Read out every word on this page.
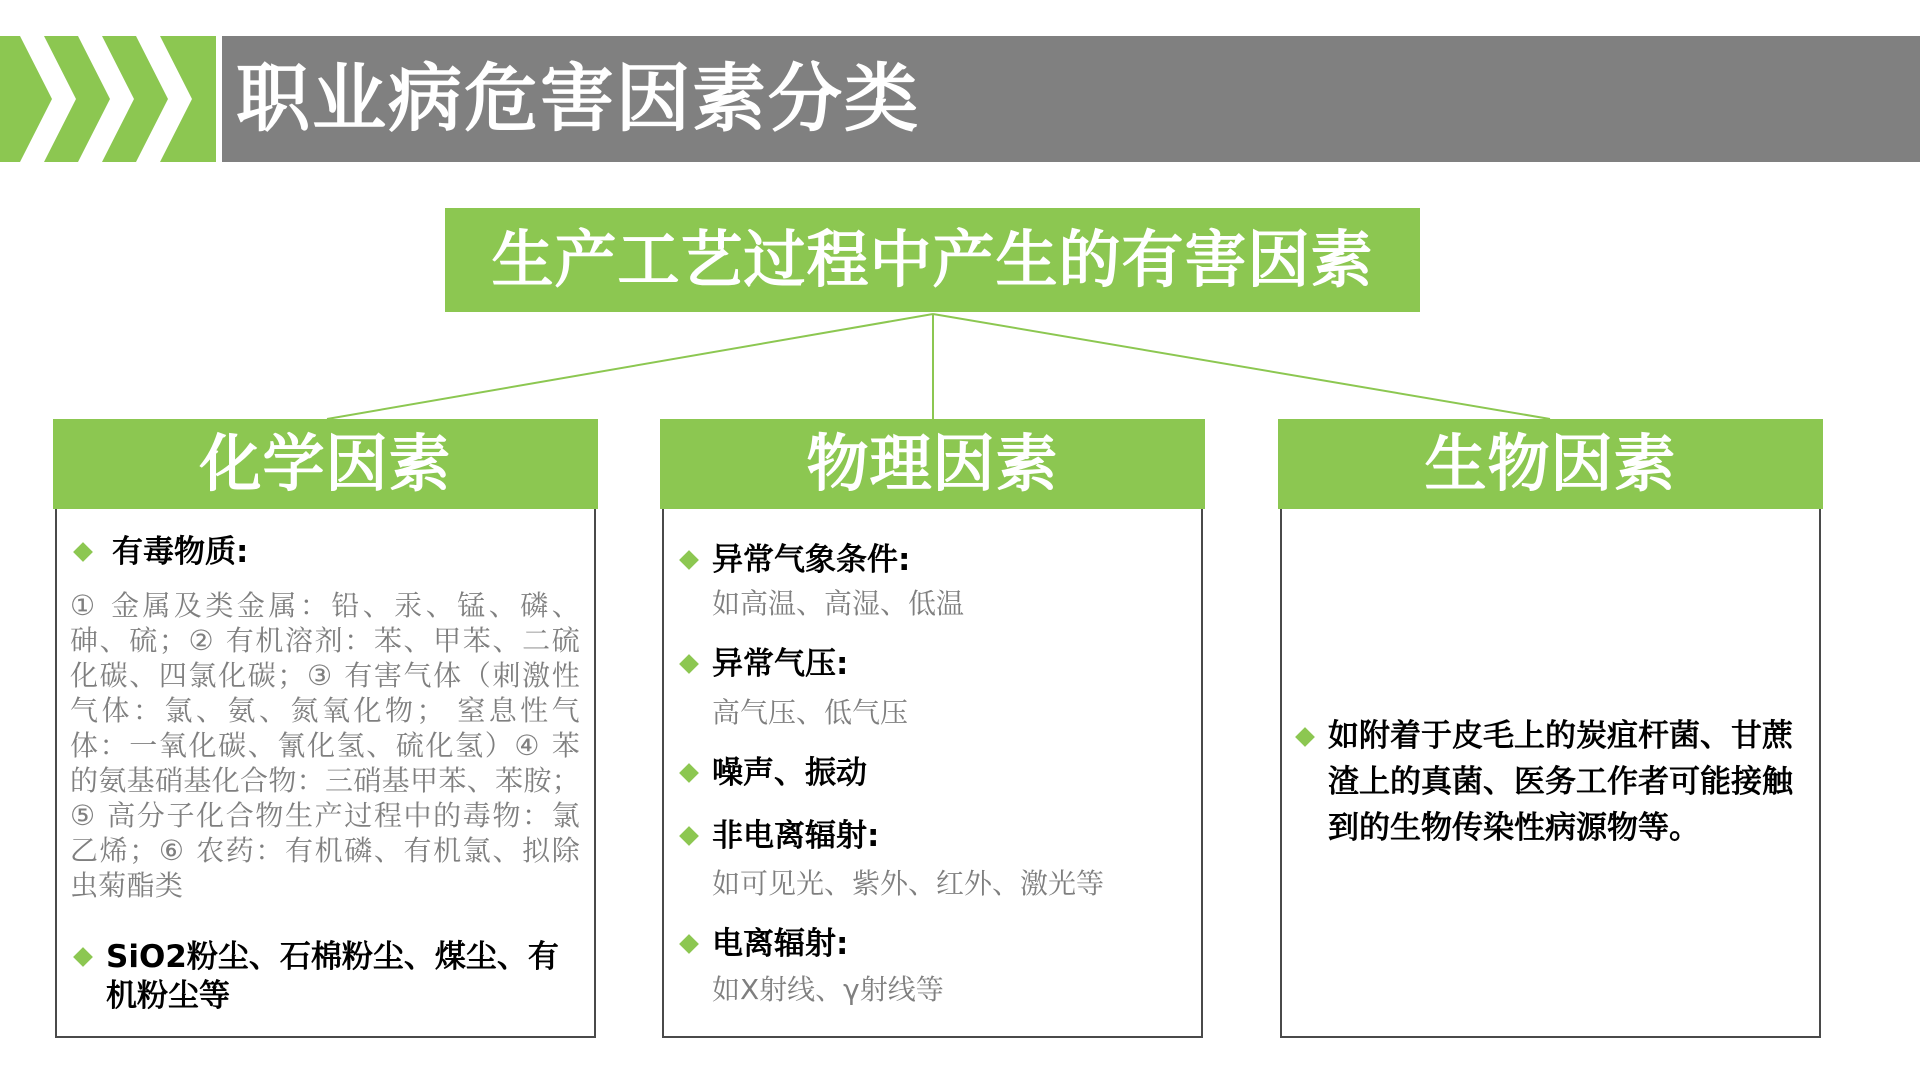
职业病危害因素分类
生产工艺过程中产生的有害因素
化学因素
有毒物质:
① 金属及类金属：铅、汞、锰、磷、砷、硫；② 有机溶剂：苯、甲苯、二硫化碳、四氯化碳；③ 有害气体（刺激性气体：氯、氨、氮氧化物； 窒息性气体：一氧化碳、氰化氢、硫化氢）④ 苯的氨基硝基化合物：三硝基甲苯、苯胺；⑤ 高分子化合物生产过程中的毒物：氯乙烯；⑥ 农药：有机磷、有机氯、拟除虫菊酯类
SiO2粉尘、石棉粉尘、煤尘、有机粉尘等
物理因素
异常气象条件:
如高温、高湿、低温
异常气压:
高气压、低气压
噪声、振动
非电离辐射:
如可见光、紫外、红外、激光等
电离辐射:
如X射线、γ射线等
生物因素
如附着于皮毛上的炭疽杆菌、甘蔗渣上的真菌、医务工作者可能接触到的生物传染性病源物等。
